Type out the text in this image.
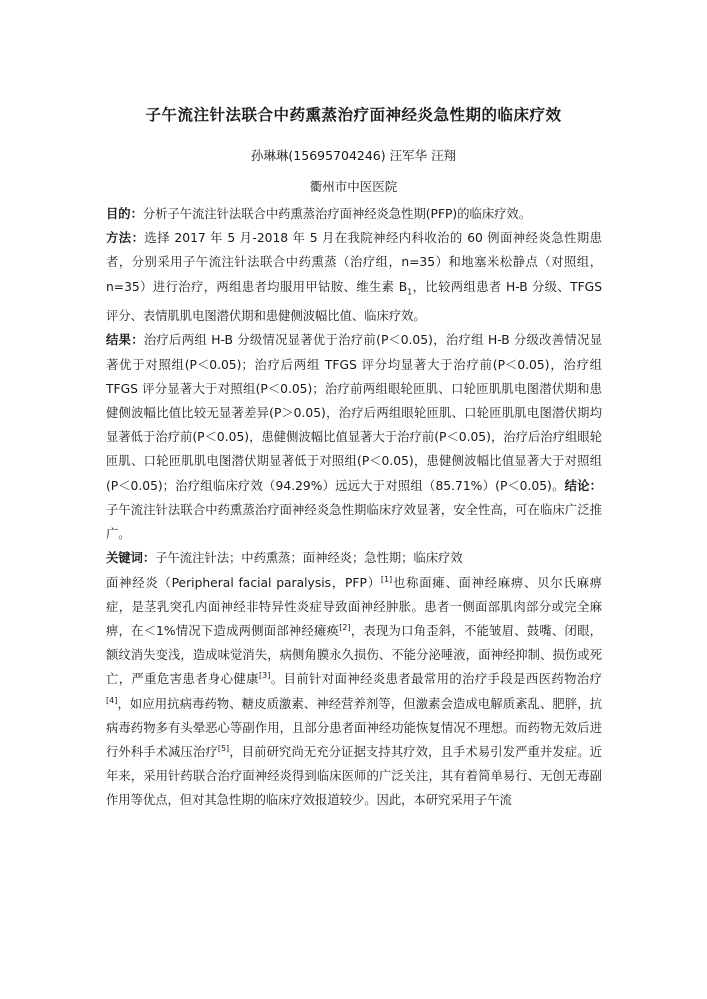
子午流注针法联合中药熏蒸治疗面神经炎急性期的临床疗效
孙琳琳(15695704246) 汪军华 汪翔
衢州市中医医院

目的：分析子午流注针法联合中药熏蒸治疗面神经炎急性期(PFP)的临床疗效。

方法：选择 2017 年 5 月-2018 年 5 月在我院神经内科收治的 60 例面神经炎急性期患者，分别采用子午流注针法联合中药熏蒸（治疗组，n=35）和地塞米松静点（对照组，n=35）进行治疗，两组患者均服用甲钴胺、维生素 $B_1$，比较两组患者 H-B 分级、TFGS 评分、表情肌肌电图潜伏期和患健侧波幅比值、临床疗效。

结果：治疗后两组 H-B 分级情况显著优于治疗前(P＜0.05)，治疗组 H-B 分级改善情况显著优于对照组(P＜0.05)；治疗后两组 TFGS 评分均显著大于治疗前(P＜0.05)，治疗组 TFGS 评分显著大于对照组(P＜0.05)；治疗前两组眼轮匝肌、口轮匝肌肌电图潜伏期和患健侧波幅比值比较无显著差异(P＞0.05)，治疗后两组眼轮匝肌、口轮匝肌肌电图潜伏期均显著低于治疗前(P＜0.05)，患健侧波幅比值显著大于治疗前(P＜0.05)，治疗后治疗组眼轮匝肌、口轮匝肌肌电图潜伏期显著低于对照组(P＜0.05)，患健侧波幅比值显著大于对照组(P＜0.05)；治疗组临床疗效（94.29%）远远大于对照组（85.71%）(P＜0.05)。结论：子午流注针法联合中药熏蒸治疗面神经炎急性期临床疗效显著，安全性高，可在临床广泛推广。

关键词：子午流注针法；中药熏蒸；面神经炎；急性期；临床疗效

面神经炎（Peripheral facial paralysis，PFP）[1]也称面瘫、面神经麻痹、贝尔氏麻痹症，是茎乳突孔内面神经非特异性炎症导致面神经肿胀。患者一侧面部肌肉部分或完全麻痹，在＜1%情况下造成两侧面部神经瘫痪[2]，表现为口角歪斜，不能皱眉、鼓嘴、闭眼，额纹消失变浅，造成味觉消失，病侧角膜永久损伤、不能分泌唾液，面神经抑制、损伤或死亡，严重危害患者身心健康[3]。目前针对面神经炎患者最常用的治疗手段是西医药物治疗[4]，如应用抗病毒药物、糖皮质激素、神经营养剂等，但激素会造成电解质紊乱、肥胖，抗病毒药物多有头晕恶心等副作用，且部分患者面神经功能恢复情况不理想。而药物无效后进行外科手术减压治疗[5]，目前研究尚无充分证据支持其疗效，且手术易引发严重并发症。近年来，采用针药联合治疗面神经炎得到临床医师的广泛关注，其有着简单易行、无创无毒副作用等优点，但对其急性期的临床疗效报道较少。因此，本研究采用子午流
